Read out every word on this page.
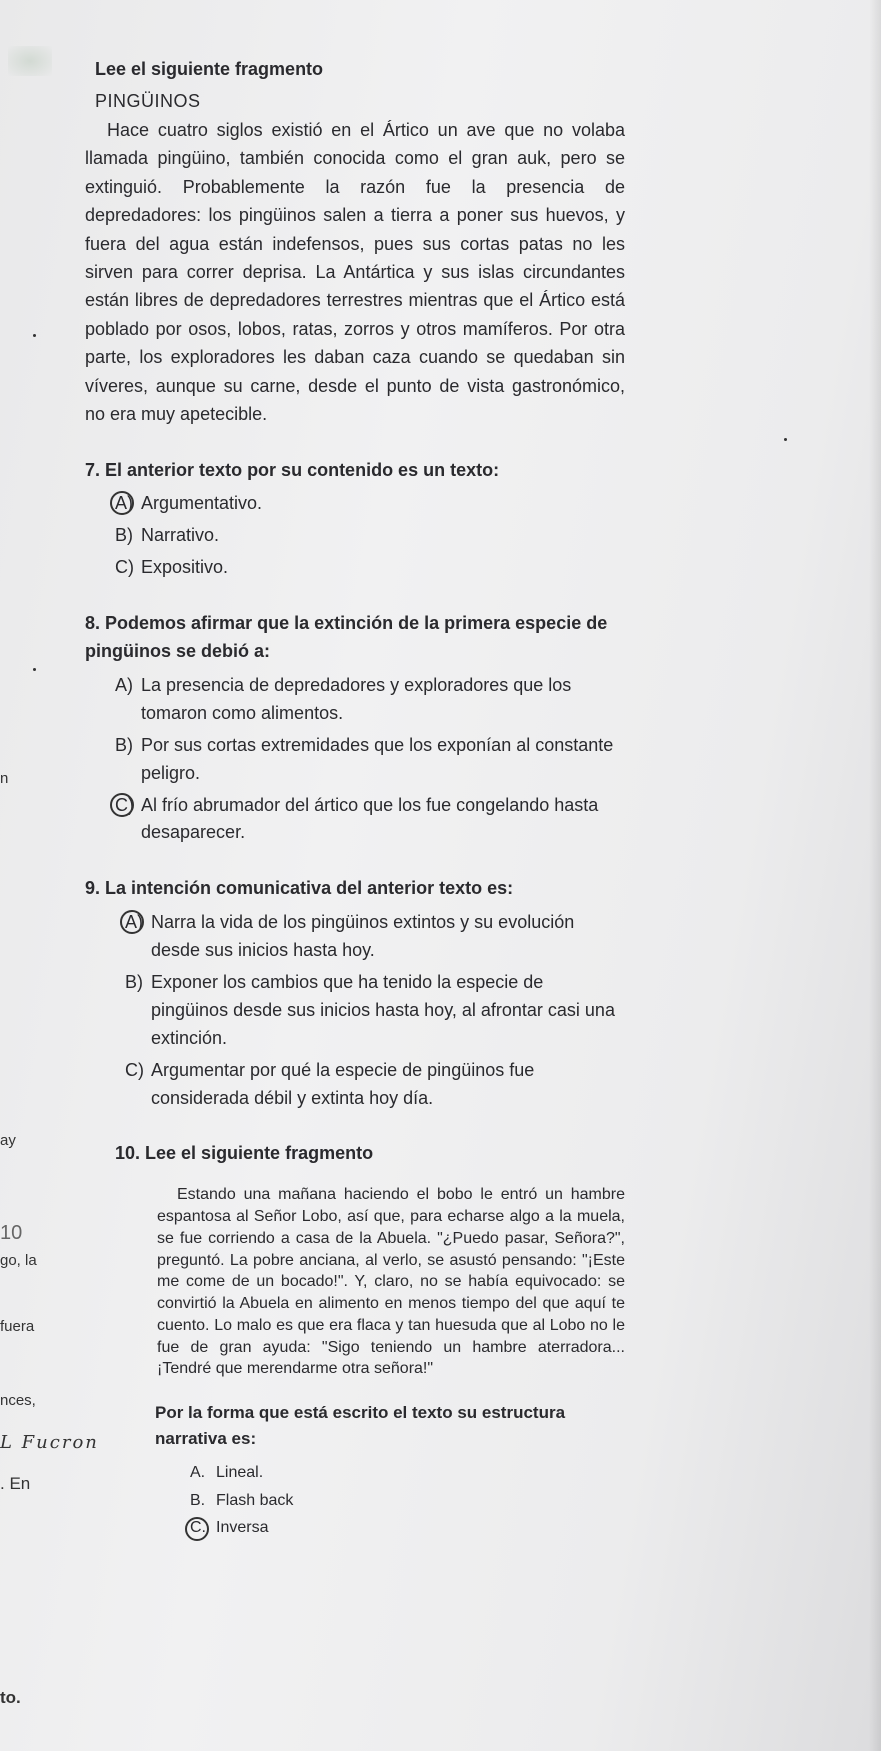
n
ay
10
go, la
fuera
nces,
L Fucron
. En
to.
Lee el siguiente fragmento
PINGÜINOS

Hace cuatro siglos existió en el Ártico un ave que no volaba llamada pingüino, también conocida como el gran auk, pero se extinguió. Probablemente la razón fue la presencia de depredadores: los pingüinos salen a tierra a poner sus huevos, y fuera del agua están indefensos, pues sus cortas patas no les sirven para correr deprisa. La Antártica y sus islas circundantes están libres de depredadores terrestres mientras que el Ártico está poblado por osos, lobos, ratas, zorros y otros mamíferos. Por otra parte, los exploradores les daban caza cuando se quedaban sin víveres, aunque su carne, desde el punto de vista gastronómico, no era muy apetecible.

7. El anterior texto por su contenido es un texto:
A) Argumentativo.
B) Narrativo.
C) Expositivo.
8. Podemos afirmar que la extinción de la primera especie de pingüinos se debió a:
A) La presencia de depredadores y exploradores que los tomaron como alimentos.
B) Por sus cortas extremidades que los exponían al constante peligro.
C) Al frío abrumador del ártico que los fue congelando hasta desaparecer.
9. La intención comunicativa del anterior texto es:
A) Narra la vida de los pingüinos extintos y su evolución desde sus inicios hasta hoy.
B) Exponer los cambios que ha tenido la especie de pingüinos desde sus inicios hasta hoy, al afrontar casi una extinción.
C) Argumentar por qué la especie de pingüinos fue considerada débil y extinta hoy día.
10. Lee el siguiente fragmento
Estando una mañana haciendo el bobo le entró un hambre espantosa al Señor Lobo, así que, para echarse algo a la muela, se fue corriendo a casa de la Abuela. "¿Puedo pasar, Señora?", preguntó. La pobre anciana, al verlo, se asustó pensando: "¡Este me come de un bocado!". Y, claro, no se había equivocado: se convirtió la Abuela en alimento en menos tiempo del que aquí te cuento. Lo malo es que era flaca y tan huesuda que al Lobo no le fue de gran ayuda: "Sigo teniendo un hambre aterradora... ¡Tendré que merendarme otra señora!"
Por la forma que está escrito el texto su estructura narrativa es:
A. Lineal.
B. Flash back
C. Inversa
